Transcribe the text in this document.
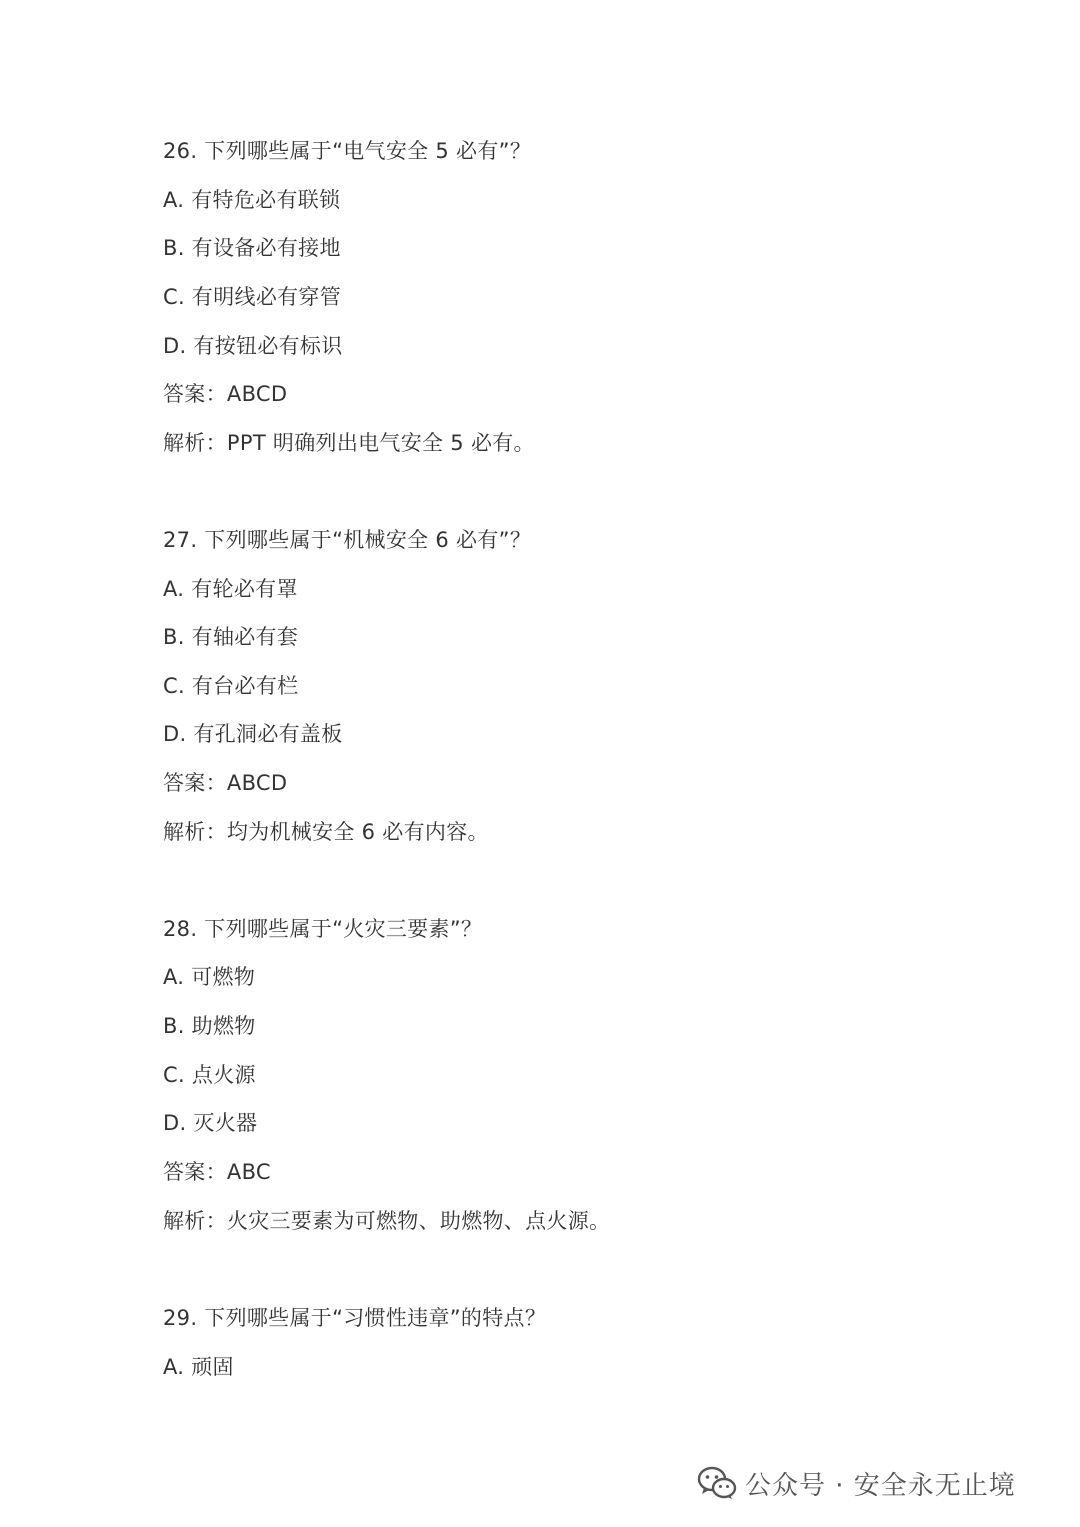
26. 下列哪些属于“电气安全 5 必有”？
A. 有特危必有联锁
B. 有设备必有接地
C. 有明线必有穿管
D. 有按钮必有标识
答案：ABCD
解析：PPT 明确列出电气安全 5 必有。
27. 下列哪些属于“机械安全 6 必有”？
A. 有轮必有罩
B. 有轴必有套
C. 有台必有栏
D. 有孔洞必有盖板
答案：ABCD
解析：均为机械安全 6 必有内容。
28. 下列哪些属于“火灾三要素”？
A. 可燃物
B. 助燃物
C. 点火源
D. 灭火器
答案：ABC
解析：火灾三要素为可燃物、助燃物、点火源。
29. 下列哪些属于“习惯性违章”的特点？
A. 顽固
公众号 · 安全永无止境
